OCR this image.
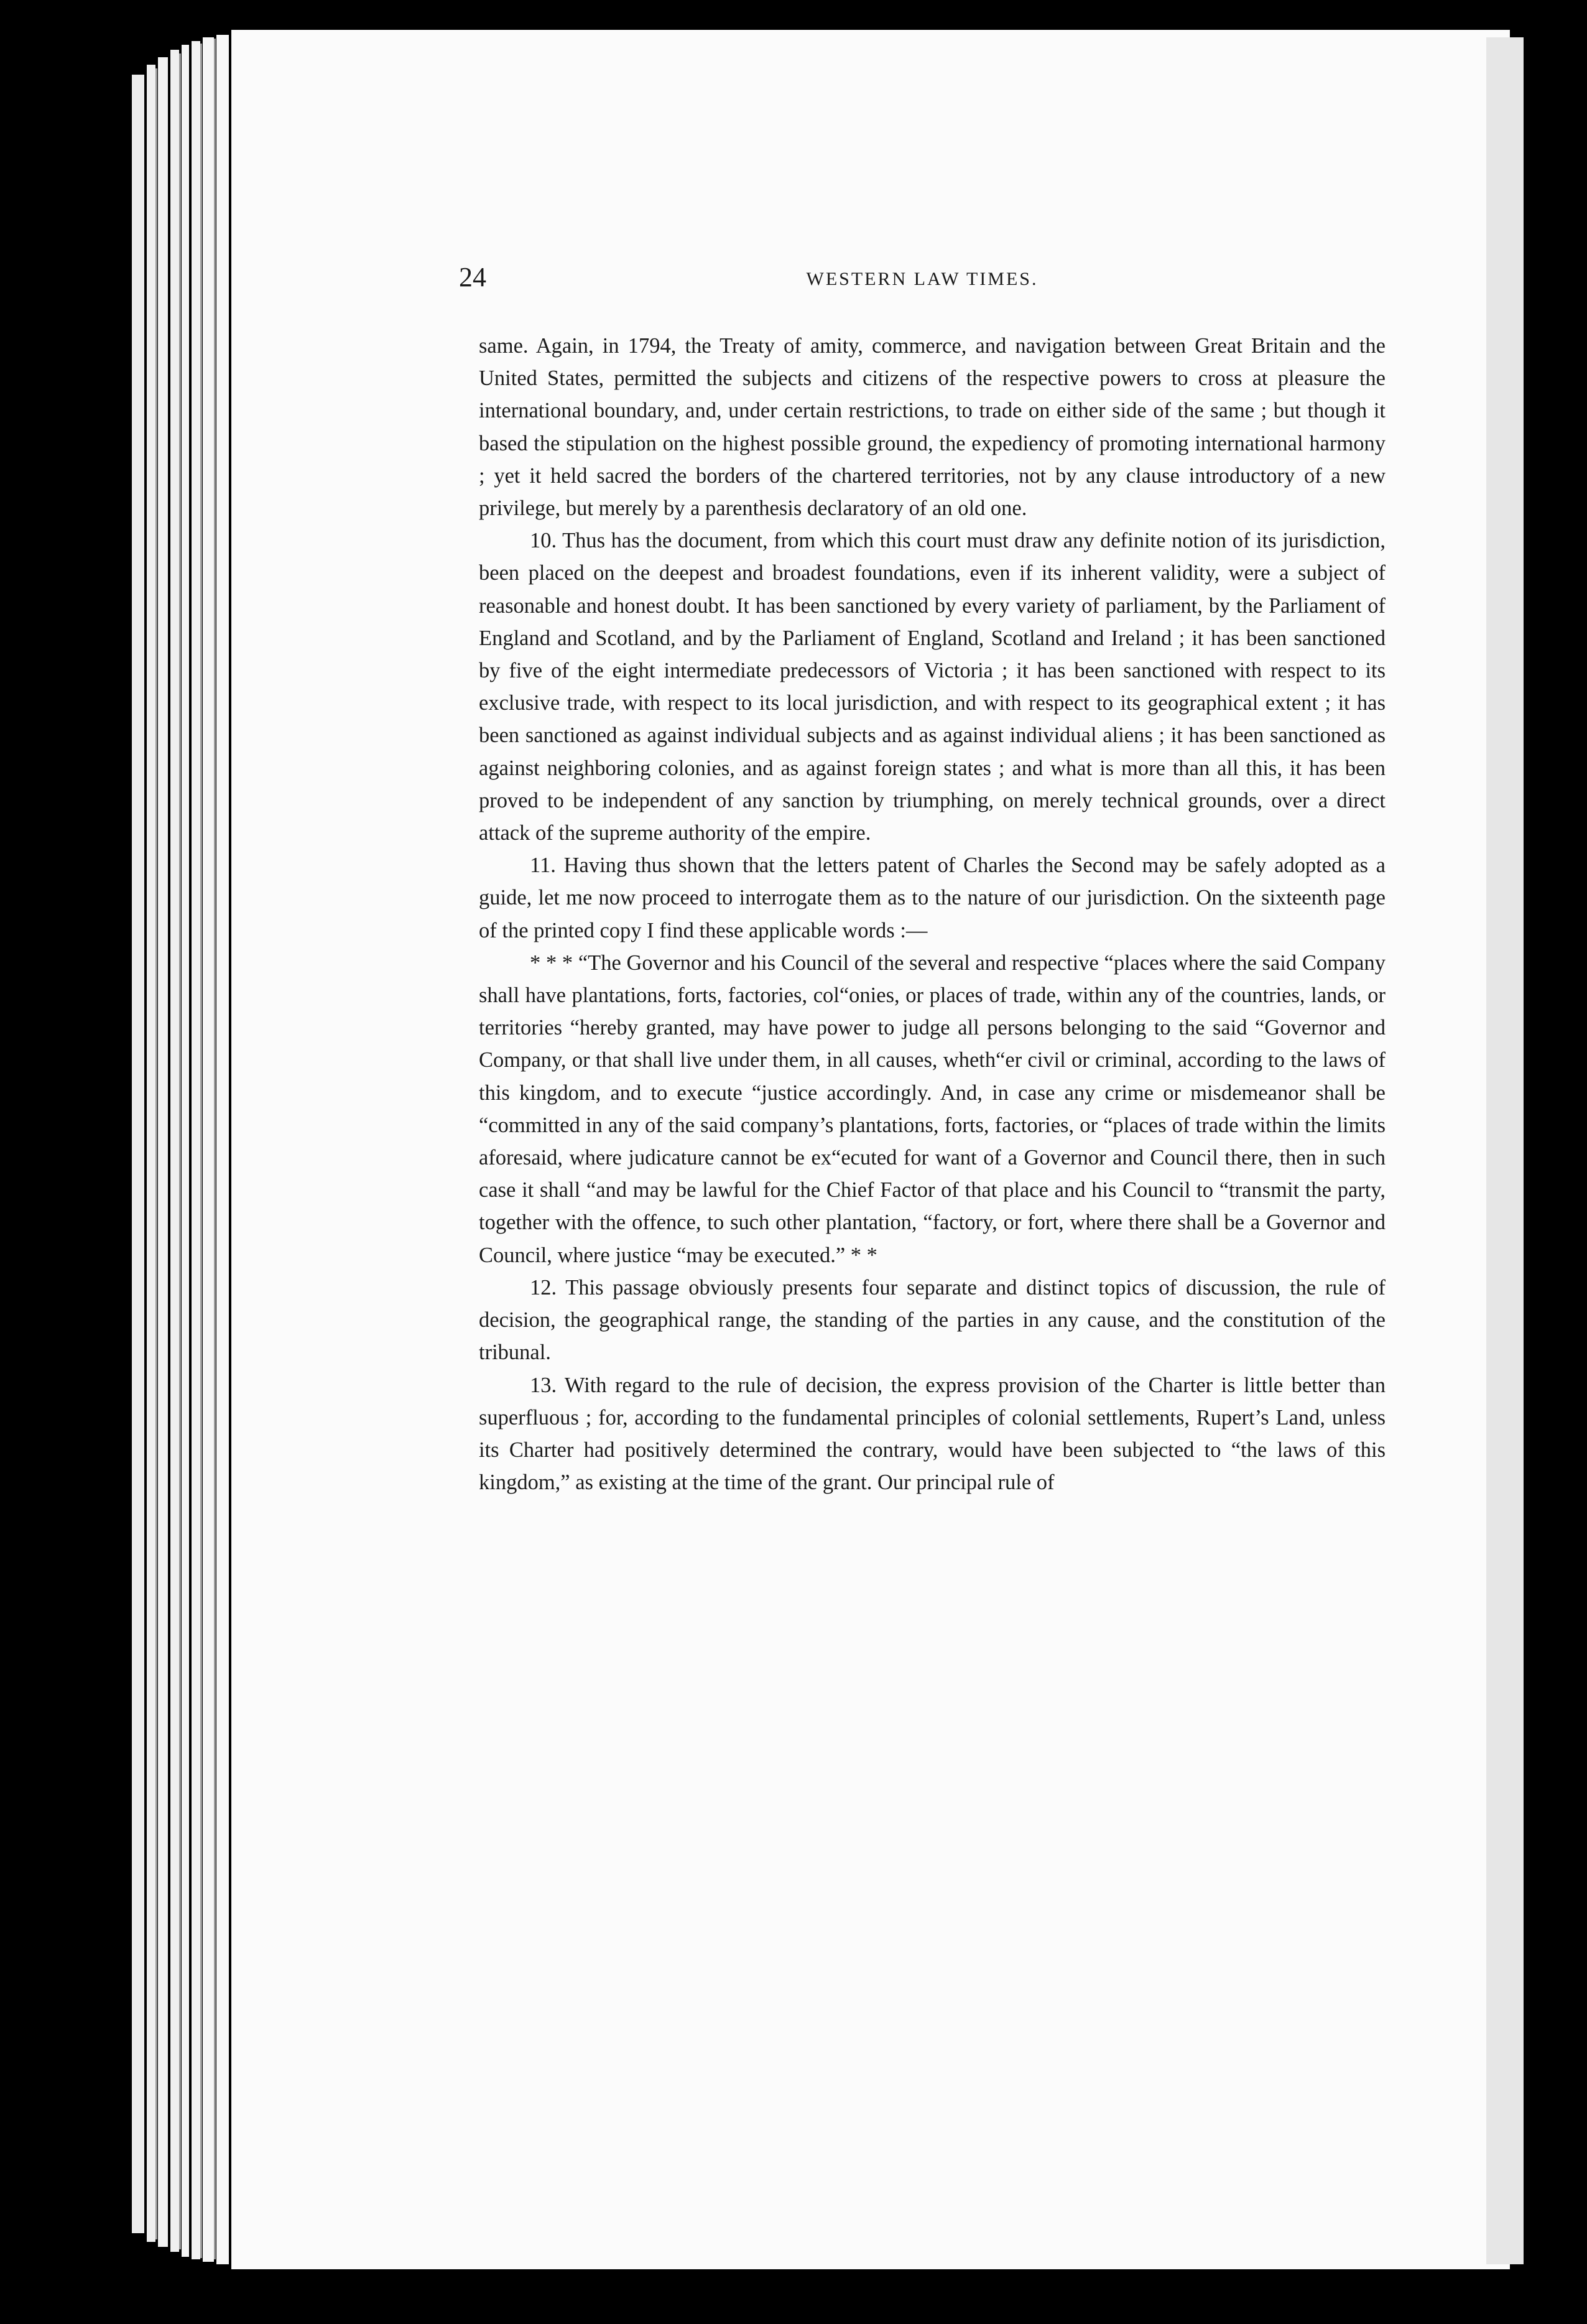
24	WESTERN LAW TIMES.

same. Again, in 1794, the Treaty of amity, commerce, and navigation between Great Britain and the United States, permitted the subjects and citizens of the respective powers to cross at pleasure the international boundary, and, under certain restrictions, to trade on either side of the same ; but though it based the stipulation on the highest possible ground, the expediency of promoting international harmony ; yet it held sacred the borders of the chartered territories, not by any clause introductory of a new privilege, but merely by a parenthesis declaratory of an old one.

10. Thus has the document, from which this court must draw any definite notion of its jurisdiction, been placed on the deepest and broadest foundations, even if its inherent validity, were a subject of reasonable and honest doubt. It has been sanctioned by every variety of parliament, by the Parliament of England and Scotland, and by the Parliament of England, Scotland and Ireland ; it has been sanctioned by five of the eight intermediate predecessors of Victoria ; it has been sanctioned with respect to its exclusive trade, with respect to its local jurisdiction, and with respect to its geographical extent ; it has been sanctioned as against individual subjects and as against individual aliens ; it has been sanctioned as against neighboring colonies, and as against foreign states ; and what is more than all this, it has been proved to be independent of any sanction by triumphing, on merely technical grounds, over a direct attack of the supreme authority of the empire.

11. Having thus shown that the letters patent of Charles the Second may be safely adopted as a guide, let me now proceed to interrogate them as to the nature of our jurisdiction. On the sixteenth page of the printed copy I find these applicable words :—

* * * “The Governor and his Council of the several and respective “places where the said Company shall have plantations, forts, factories, col“onies, or places of trade, within any of the countries, lands, or territories “hereby granted, may have power to judge all persons belonging to the said “Governor and Company, or that shall live under them, in all causes, wheth“er civil or criminal, according to the laws of this kingdom, and to execute “justice accordingly. And, in case any crime or misdemeanor shall be “committed in any of the said company’s plantations, forts, factories, or “places of trade within the limits aforesaid, where judicature cannot be ex“ecuted for want of a Governor and Council there, then in such case it shall “and may be lawful for the Chief Factor of that place and his Council to “transmit the party, together with the offence, to such other plantation, “factory, or fort, where there shall be a Governor and Council, where justice “may be executed.” * *

12. This passage obviously presents four separate and distinct topics of discussion, the rule of decision, the geographical range, the standing of the parties in any cause, and the constitution of the tribunal.

13. With regard to the rule of decision, the express provision of the Charter is little better than superfluous ; for, according to the fundamental principles of colonial settlements, Rupert’s Land, unless its Charter had positively determined the contrary, would have been subjected to “the laws of this kingdom,” as existing at the time of the grant. Our principal rule of
